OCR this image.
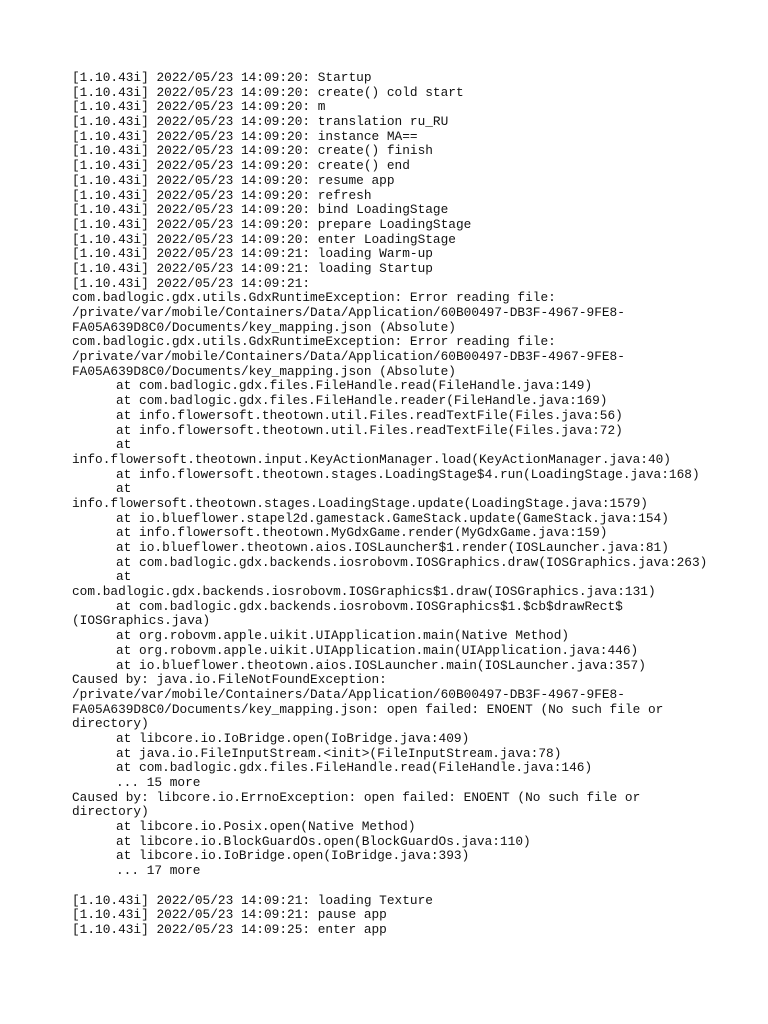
[1.10.43i] 2022/05/23 14:09:20: Startup
[1.10.43i] 2022/05/23 14:09:20: create() cold start
[1.10.43i] 2022/05/23 14:09:20: m
[1.10.43i] 2022/05/23 14:09:20: translation ru_RU
[1.10.43i] 2022/05/23 14:09:20: instance MA==
[1.10.43i] 2022/05/23 14:09:20: create() finish
[1.10.43i] 2022/05/23 14:09:20: create() end
[1.10.43i] 2022/05/23 14:09:20: resume app
[1.10.43i] 2022/05/23 14:09:20: refresh
[1.10.43i] 2022/05/23 14:09:20: bind LoadingStage
[1.10.43i] 2022/05/23 14:09:20: prepare LoadingStage
[1.10.43i] 2022/05/23 14:09:20: enter LoadingStage
[1.10.43i] 2022/05/23 14:09:21: loading Warm-up
[1.10.43i] 2022/05/23 14:09:21: loading Startup
[1.10.43i] 2022/05/23 14:09:21:
com.badlogic.gdx.utils.GdxRuntimeException: Error reading file:
/private/var/mobile/Containers/Data/Application/60B00497-DB3F-4967-9FE8-
FA05A639D8C0/Documents/key_mapping.json (Absolute)
com.badlogic.gdx.utils.GdxRuntimeException: Error reading file:
/private/var/mobile/Containers/Data/Application/60B00497-DB3F-4967-9FE8-
FA05A639D8C0/Documents/key_mapping.json (Absolute)
at com.badlogic.gdx.files.FileHandle.read(FileHandle.java:149)
at com.badlogic.gdx.files.FileHandle.reader(FileHandle.java:169)
at info.flowersoft.theotown.util.Files.readTextFile(Files.java:56)
at info.flowersoft.theotown.util.Files.readTextFile(Files.java:72)
at
info.flowersoft.theotown.input.KeyActionManager.load(KeyActionManager.java:40)
at info.flowersoft.theotown.stages.LoadingStage$4.run(LoadingStage.java:168)
at
info.flowersoft.theotown.stages.LoadingStage.update(LoadingStage.java:1579)
at io.blueflower.stapel2d.gamestack.GameStack.update(GameStack.java:154)
at info.flowersoft.theotown.MyGdxGame.render(MyGdxGame.java:159)
at io.blueflower.theotown.aios.IOSLauncher$1.render(IOSLauncher.java:81)
at com.badlogic.gdx.backends.iosrobovm.IOSGraphics.draw(IOSGraphics.java:263)
at
com.badlogic.gdx.backends.iosrobovm.IOSGraphics$1.draw(IOSGraphics.java:131)
at com.badlogic.gdx.backends.iosrobovm.IOSGraphics$1.$cb$drawRect$
(IOSGraphics.java)
at org.robovm.apple.uikit.UIApplication.main(Native Method)
at org.robovm.apple.uikit.UIApplication.main(UIApplication.java:446)
at io.blueflower.theotown.aios.IOSLauncher.main(IOSLauncher.java:357)
Caused by: java.io.FileNotFoundException:
/private/var/mobile/Containers/Data/Application/60B00497-DB3F-4967-9FE8-
FA05A639D8C0/Documents/key_mapping.json: open failed: ENOENT (No such file or
directory)
at libcore.io.IoBridge.open(IoBridge.java:409)
at java.io.FileInputStream.<init>(FileInputStream.java:78)
at com.badlogic.gdx.files.FileHandle.read(FileHandle.java:146)
... 15 more
Caused by: libcore.io.ErrnoException: open failed: ENOENT (No such file or
directory)
at libcore.io.Posix.open(Native Method)
at libcore.io.BlockGuardOs.open(BlockGuardOs.java:110)
at libcore.io.IoBridge.open(IoBridge.java:393)
... 17 more
[1.10.43i] 2022/05/23 14:09:21: loading Texture
[1.10.43i] 2022/05/23 14:09:21: pause app
[1.10.43i] 2022/05/23 14:09:25: enter app
